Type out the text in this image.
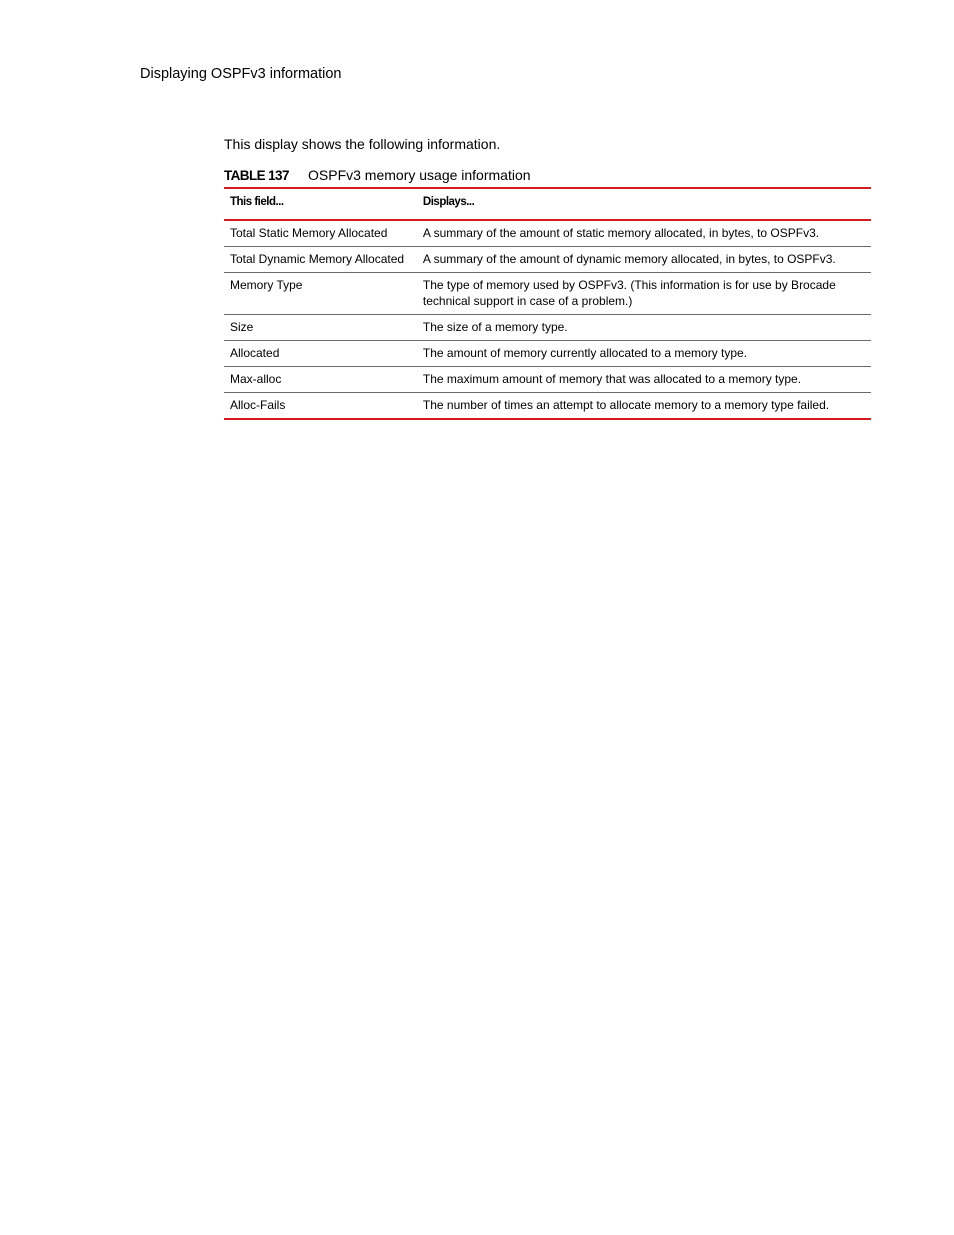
Displaying OSPFv3 information
This display shows the following information.
TABLE 137 OSPFv3 memory usage information
This field...	Displays...
Total Static Memory Allocated	A summary of the amount of static memory allocated, in bytes, to OSPFv3.
Total Dynamic Memory Allocated	A summary of the amount of dynamic memory allocated, in bytes, to OSPFv3.
Memory Type	The type of memory used by OSPFv3. (This information is for use by Brocade technical support in case of a problem.)
Size	The size of a memory type.
Allocated	The amount of memory currently allocated to a memory type.
Max-alloc	The maximum amount of memory that was allocated to a memory type.
Alloc-Fails	The number of times an attempt to allocate memory to a memory type failed.
